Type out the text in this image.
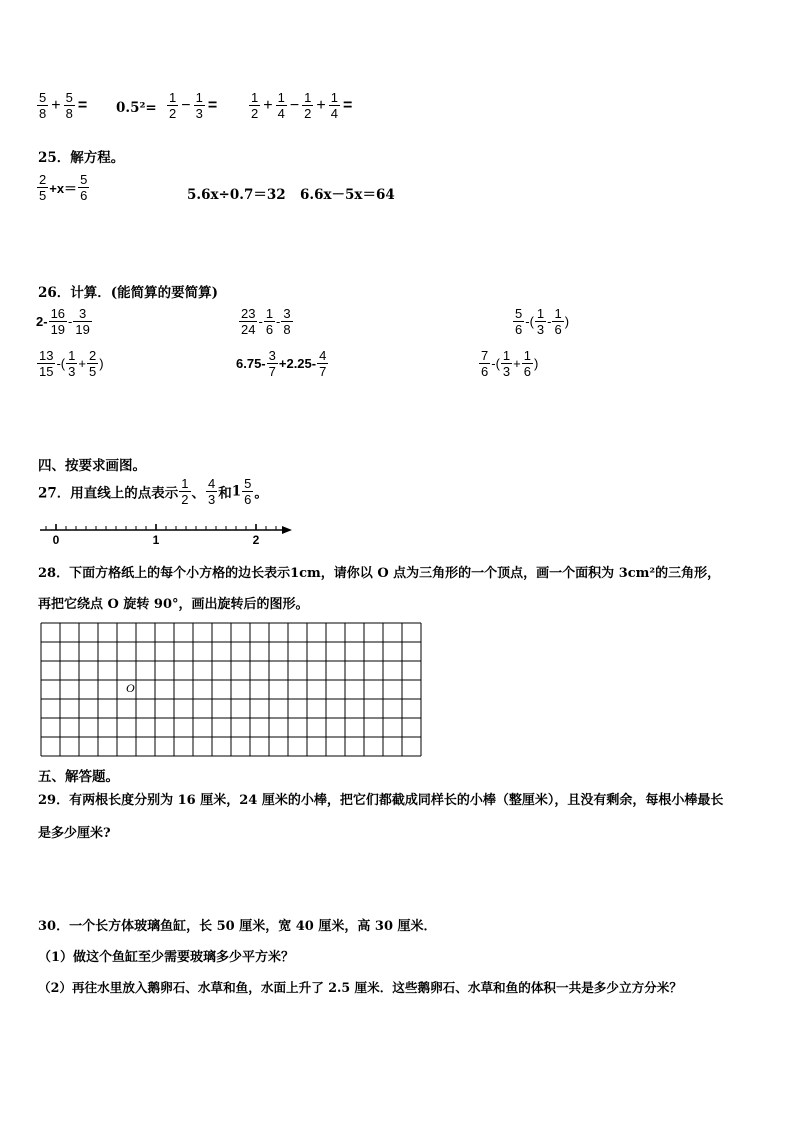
$\frac{5}{8} + \frac{5}{8} = 0.5^2= \frac{1}{2} - \frac{1}{3} = \frac{1}{2} + \frac{1}{4} - \frac{1}{2} + \frac{1}{4}$ =
25．解方程。
$\frac{2}{5} +x= \frac{5}{6}$	5.6x÷0.7＝32 6.6x－5x＝64
26．计算．(能简算的要简算)
$2- \frac{16}{19} - \frac{3}{19}$	$\frac{23}{24} - \frac{1}{6} - \frac{3}{8}$	$\frac{5}{6}$ -( $\frac{1}{3} - \frac{1}{6}$ )
$\frac{13}{15}$ -( $\frac{1}{3} + \frac{2}{5}$ )	$6.75- \frac{3}{7} +2.25- \frac{4}{7}$	$\frac{7}{6}$ -( $\frac{1}{3} + \frac{1}{6}$ )
四、按要求画图。
27．用直线上的点表示 $\frac{1}{2}$ 、 $\frac{4}{3}$ 和$1 \frac{5}{6}$ 。
0	1	2
28．下面方格纸上的每个小方格的边长表示1cm，请你以 O 点为三角形的一个顶点，画一个面积为 3cm²的三角形，
再把它绕点 O 旋转 90°，画出旋转后的图形。
O
五、解答题。
29．有两根长度分别为 16 厘米，24 厘米的小棒，把它们都截成同样长的小棒（整厘米），且没有剩余，每根小棒最长
是多少厘米?
30．一个长方体玻璃鱼缸，长 50 厘米，宽 40 厘米，高 30 厘米．
（1）做这个鱼缸至少需要玻璃多少平方米？
（2）再往水里放入鹅卵石、水草和鱼，水面上升了 2.5 厘米．这些鹅卵石、水草和鱼的体积一共是多少立方分米？
